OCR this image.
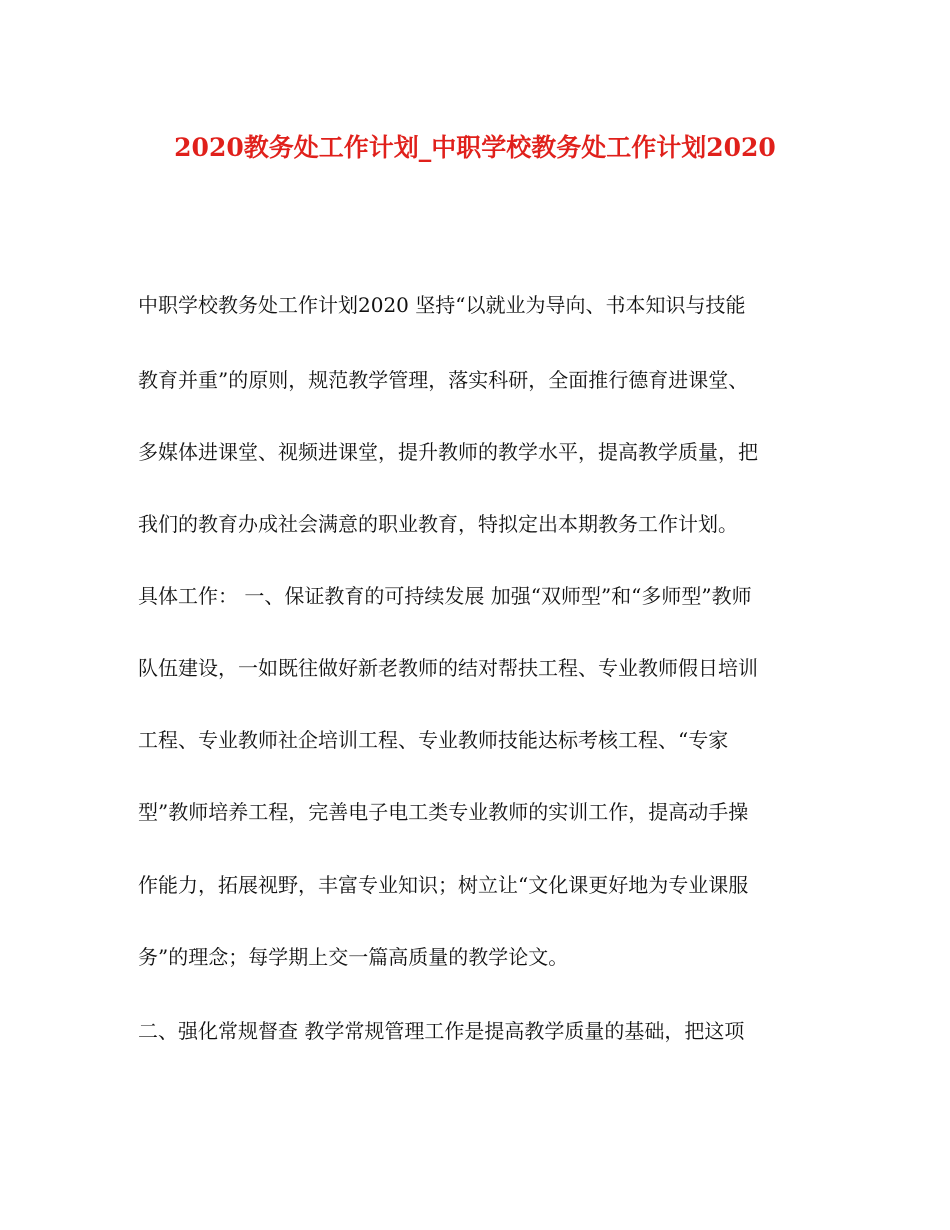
2020教务处工作计划_中职学校教务处工作计划2020
中职学校教务处工作计划2020 坚持“以就业为导向、书本知识与技能
教育并重”的原则，规范教学管理，落实科研，全面推行德育进课堂、
多媒体进课堂、视频进课堂，提升教师的教学水平，提高教学质量，把
我们的教育办成社会满意的职业教育，特拟定出本期教务工作计划。
具体工作： 一、保证教育的可持续发展 加强“双师型”和“多师型”教师
队伍建设，一如既往做好新老教师的结对帮扶工程、专业教师假日培训
工程、专业教师社企培训工程、专业教师技能达标考核工程、“专家
型”教师培养工程，完善电子电工类专业教师的实训工作，提高动手操
作能力，拓展视野，丰富专业知识；树立让“文化课更好地为专业课服
务”的理念；每学期上交一篇高质量的教学论文。
二、强化常规督查 教学常规管理工作是提高教学质量的基础，把这项
